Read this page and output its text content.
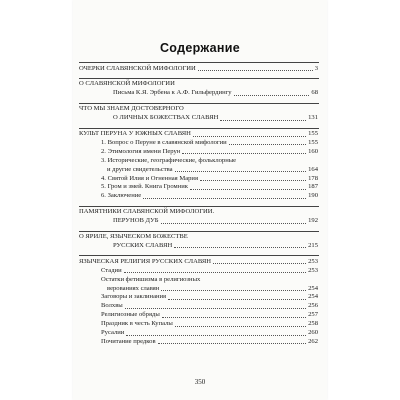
Содержание
ОЧЕРКИ СЛАВЯНСКОЙ МИФОЛОГИИ	3
О СЛАВЯНСКОЙ МИФОЛОГИИ
Письма К.Я. Эрбена к А.Ф. Гильфердингу	68
ЧТО МЫ ЗНАЕМ ДОСТОВЕРНОГО
О ЛИЧНЫХ БОЖЕСТВАХ СЛАВЯН	131
КУЛЬТ ПЕРУНА У ЮЖНЫХ СЛАВЯН	155
1. Вопрос о Перуне в славянской мифологии	155
2. Этимология имени Перун	160
3. Исторические, географические, фольклорные
и другие свидетельства	164
4. Святой Илия и Огненная Мария	178
5. Гром и змей. Книга Громник	187
6. Заключение	190
ПАМЯТНИКИ СЛАВЯНСКОЙ МИФОЛОГИИ.
ПЕРУНОВ ДУБ	192
О ЯРИЛЕ, ЯЗЫЧЕСКОМ БОЖЕСТВЕ
РУССКИХ СЛАВЯН	215
ЯЗЫЧЕСКАЯ РЕЛИГИЯ РУССКИХ СЛАВЯН	253
Стадии	253
Остатки фетишизма в религиозных
верованиях славян	254
Заговоры и заклинания	254
Волхвы	256
Религиозные обряды	257
Праздник в честь Купалы	258
Русалии	260
Почитание предков	262
350
